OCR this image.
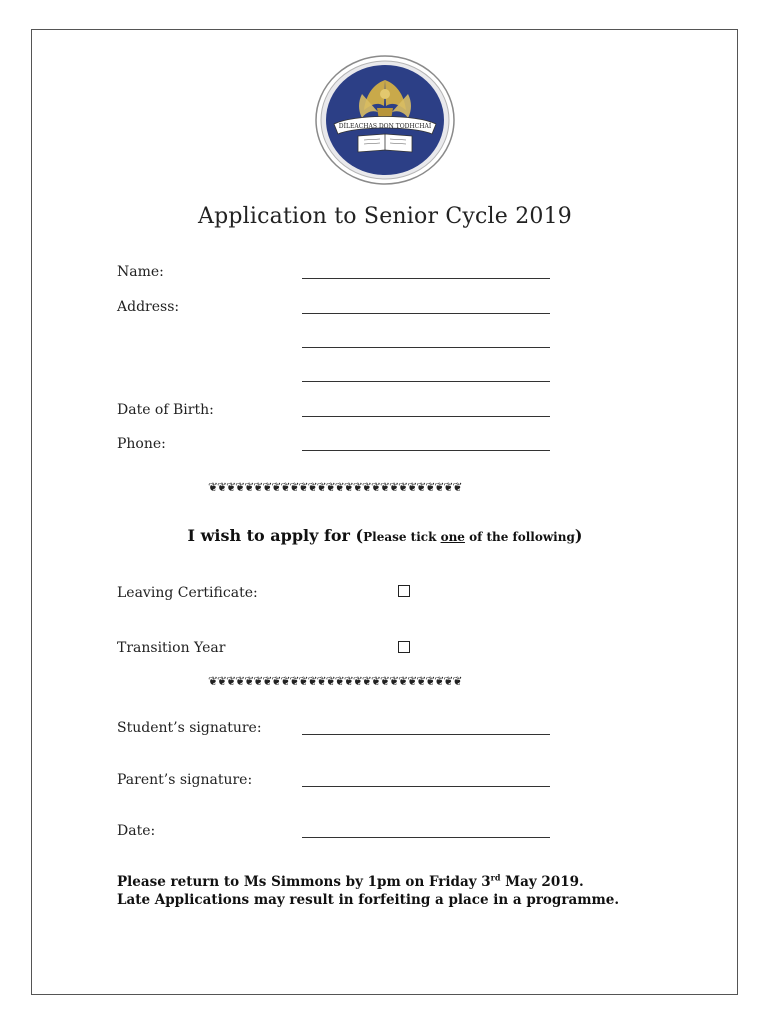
DÍLEACHAS DON TODHCHAÍ
Application to Senior Cycle 2019
Name:
Address:
Date of Birth:
Phone:
❦❦❦❦❦❦❦❦❦❦❦❦❦❦❦❦❦❦❦❦❦❦❦❦❦❦❦❦
I wish to apply for (Please tick one of the following)
Leaving Certificate:
Transition Year
❦❦❦❦❦❦❦❦❦❦❦❦❦❦❦❦❦❦❦❦❦❦❦❦❦❦❦❦
Student’s signature:
Parent’s signature:
Date:
Please return to Ms Simmons by 1pm on Friday 3rd May 2019.
Late Applications may result in forfeiting a place in a programme.
